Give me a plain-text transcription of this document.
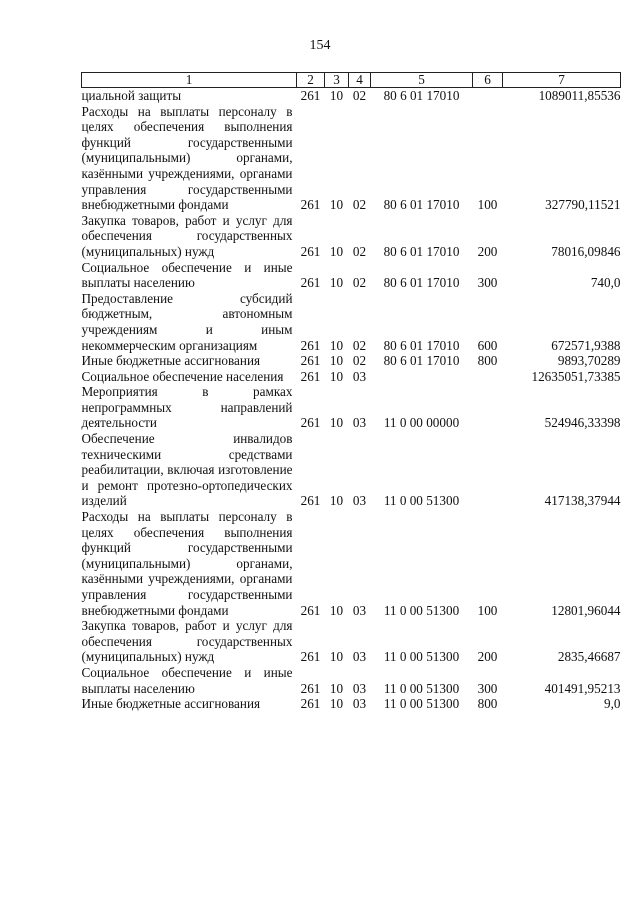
154
1	2	3	4	5	6	7
циальной защиты	261	10	02	80 6 01 17010		1089011,85536
Расходы на выплаты персоналу в целях обеспечения выполнения функций государственными (муниципальными) органами, казёнными учреждениями, органами управления государственными внебюджетными фондами	261	10	02	80 6 01 17010	100	327790,11521
Закупка товаров, работ и услуг для обеспечения государственных (муниципальных) нужд	261	10	02	80 6 01 17010	200	78016,09846
Социальное обеспечение и иные выплаты населению	261	10	02	80 6 01 17010	300	740,0
Предоставление субсидий бюджетным, автономным учреждениям и иным некоммерческим организациям	261	10	02	80 6 01 17010	600	672571,9388
Иные бюджетные ассигнования	261	10	02	80 6 01 17010	800	9893,70289
Социальное обеспечение населения	261	10	03			12635051,73385
Мероприятия в рамках непрограммных направлений деятельности	261	10	03	11 0 00 00000		524946,33398
Обеспечение инвалидов техническими средствами реабилитации, включая изготовление и ремонт протезно-ортопедических изделий	261	10	03	11 0 00 51300		417138,37944
Расходы на выплаты персоналу в целях обеспечения выполнения функций государственными (муниципальными) органами, казёнными учреждениями, органами управления государственными внебюджетными фондами	261	10	03	11 0 00 51300	100	12801,96044
Закупка товаров, работ и услуг для обеспечения государственных (муниципальных) нужд	261	10	03	11 0 00 51300	200	2835,46687
Социальное обеспечение и иные выплаты населению	261	10	03	11 0 00 51300	300	401491,95213
Иные бюджетные ассигнования	261	10	03	11 0 00 51300	800	9,0
